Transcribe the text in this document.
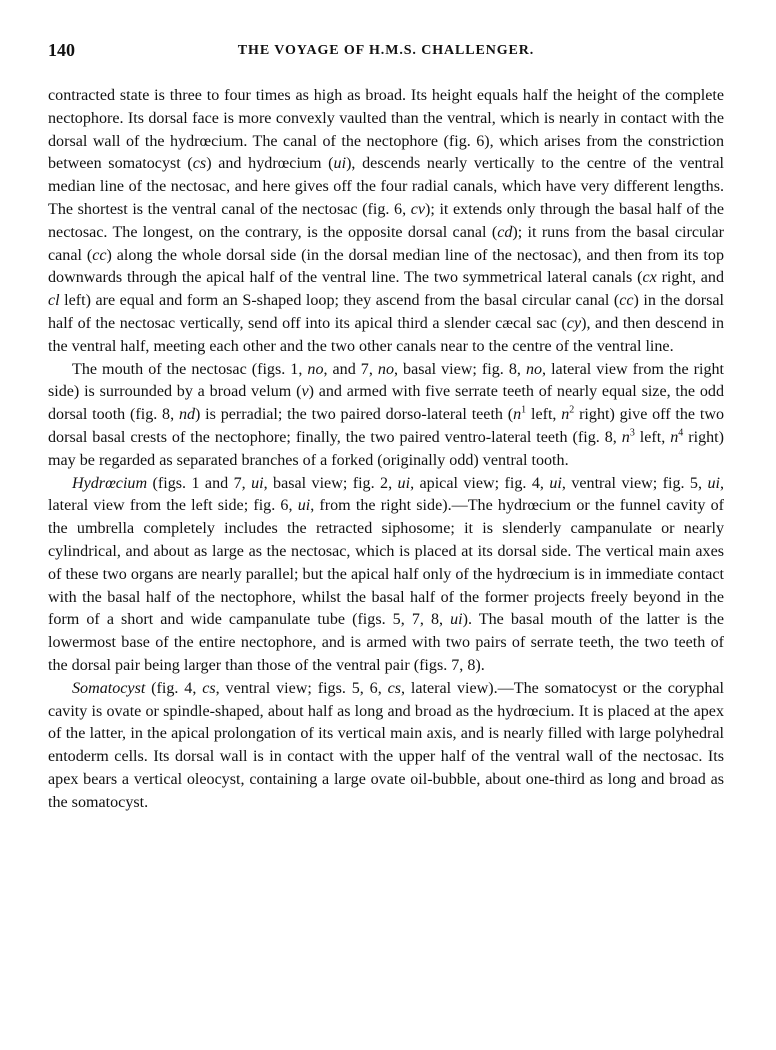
140	THE VOYAGE OF H.M.S. CHALLENGER.

contracted state is three to four times as high as broad. Its height equals half the height of the complete nectophore. Its dorsal face is more convexly vaulted than the ventral, which is nearly in contact with the dorsal wall of the hydrœcium. The canal of the nectophore (fig. 6), which arises from the constriction between somatocyst (cs) and hydrœcium (ui), descends nearly vertically to the centre of the ventral median line of the nectosac, and here gives off the four radial canals, which have very different lengths. The shortest is the ventral canal of the nectosac (fig. 6, cv); it extends only through the basal half of the nectosac. The longest, on the contrary, is the opposite dorsal canal (cd); it runs from the basal circular canal (cc) along the whole dorsal side (in the dorsal median line of the nectosac), and then from its top downwards through the apical half of the ventral line. The two symmetrical lateral canals (cx right, and cl left) are equal and form an S-shaped loop; they ascend from the basal circular canal (cc) in the dorsal half of the nectosac vertically, send off into its apical third a slender cæcal sac (cy), and then descend in the ventral half, meeting each other and the two other canals near to the centre of the ventral line.

The mouth of the nectosac (figs. 1, no, and 7, no, basal view; fig. 8, no, lateral view from the right side) is surrounded by a broad velum (v) and armed with five serrate teeth of nearly equal size, the odd dorsal tooth (fig. 8, nd) is perradial; the two paired dorso-lateral teeth ($n^1$ left, $n^2$ right) give off the two dorsal basal crests of the nectophore; finally, the two paired ventro-lateral teeth (fig. 8, $n^3$ left, $n^4$ right) may be regarded as separated branches of a forked (originally odd) ventral tooth.

Hydrœcium (figs. 1 and 7, ui, basal view; fig. 2, ui, apical view; fig. 4, ui, ventral view; fig. 5, ui, lateral view from the left side; fig. 6, ui, from the right side).—The hydrœcium or the funnel cavity of the umbrella completely includes the retracted siphosome; it is slenderly campanulate or nearly cylindrical, and about as large as the nectosac, which is placed at its dorsal side. The vertical main axes of these two organs are nearly parallel; but the apical half only of the hydrœcium is in immediate contact with the basal half of the nectophore, whilst the basal half of the former projects freely beyond in the form of a short and wide campanulate tube (figs. 5, 7, 8, ui). The basal mouth of the latter is the lowermost base of the entire nectophore, and is armed with two pairs of serrate teeth, the two teeth of the dorsal pair being larger than those of the ventral pair (figs. 7, 8).

Somatocyst (fig. 4, cs, ventral view; figs. 5, 6, cs, lateral view).—The somatocyst or the coryphal cavity is ovate or spindle-shaped, about half as long and broad as the hydrœcium. It is placed at the apex of the latter, in the apical prolongation of its vertical main axis, and is nearly filled with large polyhedral entoderm cells. Its dorsal wall is in contact with the upper half of the ventral wall of the nectosac. Its apex bears a vertical oleocyst, containing a large ovate oil-bubble, about one-third as long and broad as the somatocyst.
